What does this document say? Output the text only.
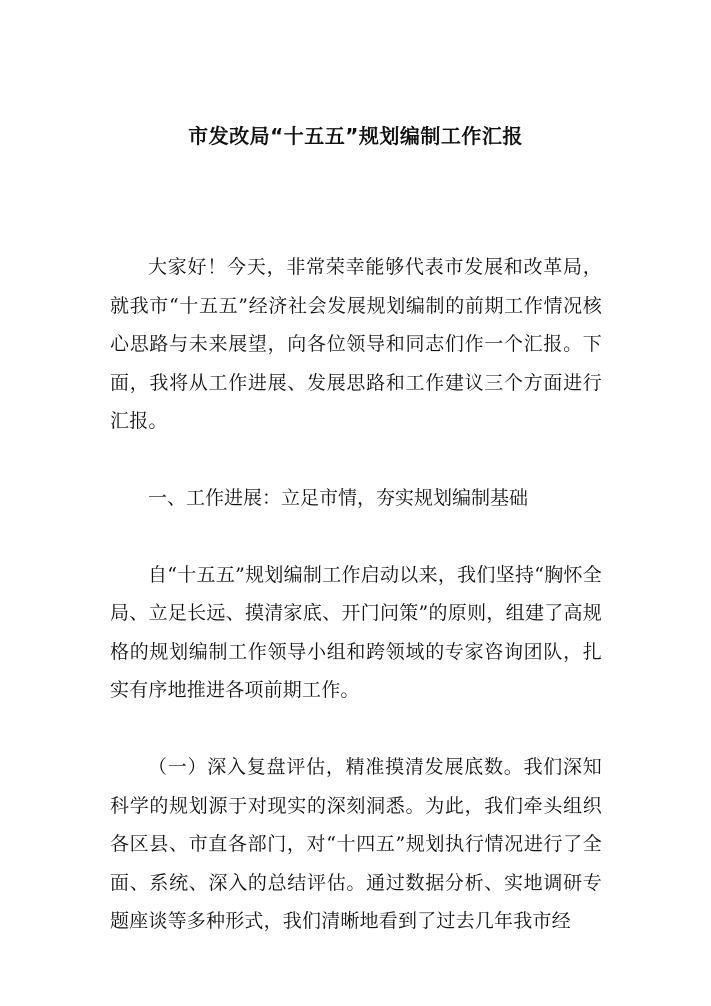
市发改局“十五五”规划编制工作汇报

大家好！今天，非常荣幸能够代表市发展和改革局，就我市“十五五”经济社会发展规划编制的前期工作情况核心思路与未来展望，向各位领导和同志们作一个汇报。下面，我将从工作进展、发展思路和工作建议三个方面进行汇报。

一、工作进展：立足市情，夯实规划编制基础

自“十五五”规划编制工作启动以来，我们坚持“胸怀全局、立足长远、摸清家底、开门问策”的原则，组建了高规格的规划编制工作领导小组和跨领域的专家咨询团队，扎实有序地推进各项前期工作。

（一）深入复盘评估，精准摸清发展底数。我们深知科学的规划源于对现实的深刻洞悉。为此，我们牵头组织各区县、市直各部门，对“十四五”规划执行情况进行了全面、系统、深入的总结评估。通过数据分析、实地调研专题座谈等多种形式，我们清晰地看到了过去几年我市经
